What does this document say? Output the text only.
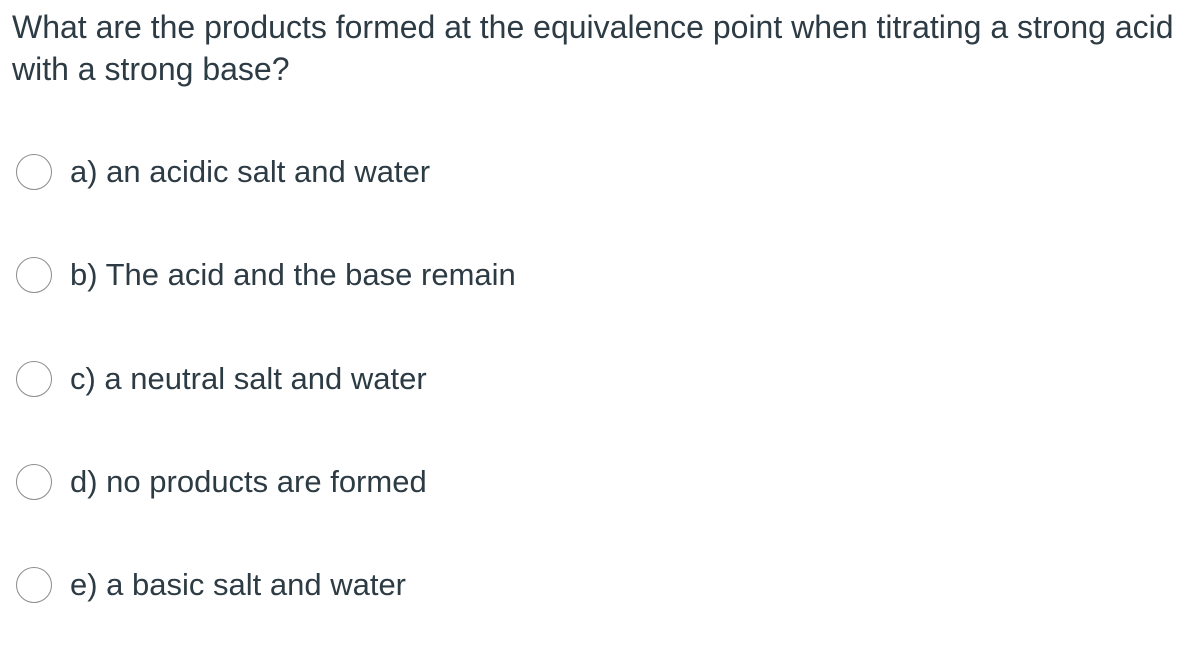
What are the products formed at the equivalence point when titrating a strong acid with a strong base?

a) an acidic salt and water
b) The acid and the base remain
c) a neutral salt and water
d) no products are formed
e) a basic salt and water
